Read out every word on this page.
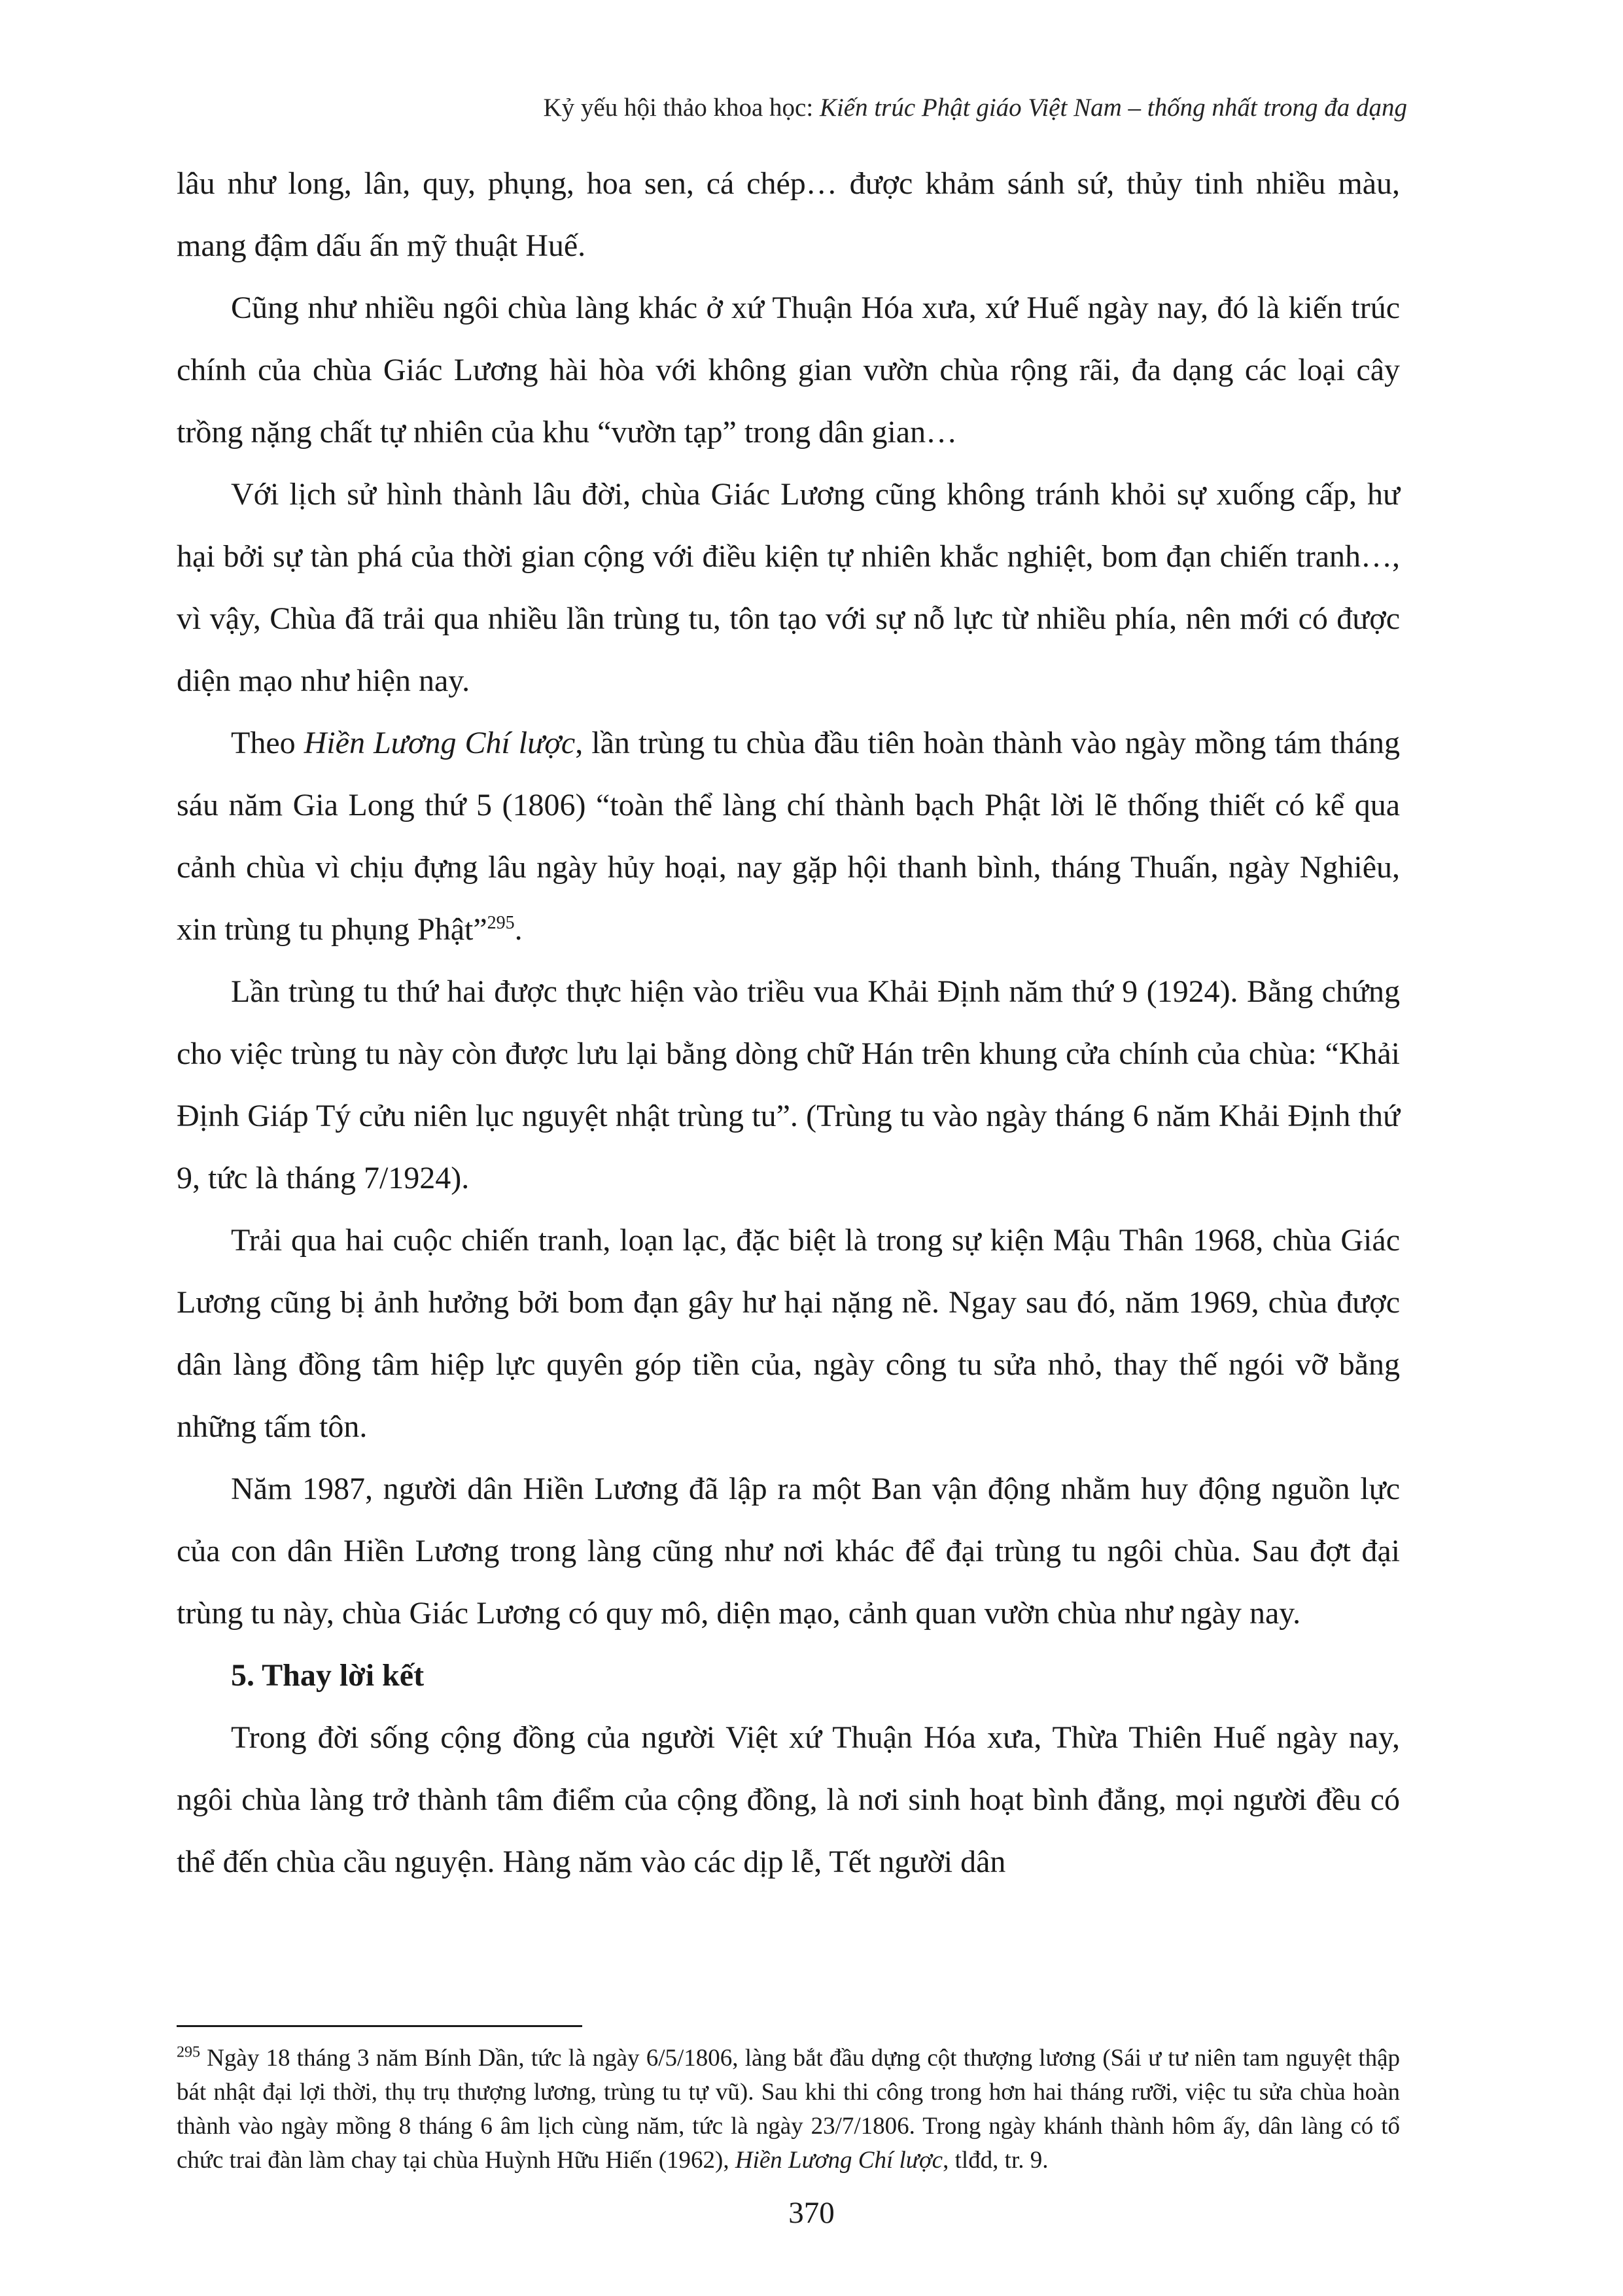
Kỷ yếu hội thảo khoa học: Kiến trúc Phật giáo Việt Nam – thống nhất trong đa dạng

lâu như long, lân, quy, phụng, hoa sen, cá chép… được khảm sánh sứ, thủy tinh nhiều màu, mang đậm dấu ấn mỹ thuật Huế.

Cũng như nhiều ngôi chùa làng khác ở xứ Thuận Hóa xưa, xứ Huế ngày nay, đó là kiến trúc chính của chùa Giác Lương hài hòa với không gian vườn chùa rộng rãi, đa dạng các loại cây trồng nặng chất tự nhiên của khu “vườn tạp” trong dân gian…

Với lịch sử hình thành lâu đời, chùa Giác Lương cũng không tránh khỏi sự xuống cấp, hư hại bởi sự tàn phá của thời gian cộng với điều kiện tự nhiên khắc nghiệt, bom đạn chiến tranh…, vì vậy, Chùa đã trải qua nhiều lần trùng tu, tôn tạo với sự nỗ lực từ nhiều phía, nên mới có được diện mạo như hiện nay.

Theo Hiền Lương Chí lược, lần trùng tu chùa đầu tiên hoàn thành vào ngày mồng tám tháng sáu năm Gia Long thứ 5 (1806) “toàn thể làng chí thành bạch Phật lời lẽ thống thiết có kể qua cảnh chùa vì chịu đựng lâu ngày hủy hoại, nay gặp hội thanh bình, tháng Thuấn, ngày Nghiêu, xin trùng tu phụng Phật”$^{295}$.

Lần trùng tu thứ hai được thực hiện vào triều vua Khải Định năm thứ 9 (1924). Bằng chứng cho việc trùng tu này còn được lưu lại bằng dòng chữ Hán trên khung cửa chính của chùa: “Khải Định Giáp Tý cửu niên lục nguyệt nhật trùng tu”. (Trùng tu vào ngày tháng 6 năm Khải Định thứ 9, tức là tháng 7/1924).

Trải qua hai cuộc chiến tranh, loạn lạc, đặc biệt là trong sự kiện Mậu Thân 1968, chùa Giác Lương cũng bị ảnh hưởng bởi bom đạn gây hư hại nặng nề. Ngay sau đó, năm 1969, chùa được dân làng đồng tâm hiệp lực quyên góp tiền của, ngày công tu sửa nhỏ, thay thế ngói vỡ bằng những tấm tôn.

Năm 1987, người dân Hiền Lương đã lập ra một Ban vận động nhằm huy động nguồn lực của con dân Hiền Lương trong làng cũng như nơi khác để đại trùng tu ngôi chùa. Sau đợt đại trùng tu này, chùa Giác Lương có quy mô, diện mạo, cảnh quan vườn chùa như ngày nay.

5. Thay lời kết

Trong đời sống cộng đồng của người Việt xứ Thuận Hóa xưa, Thừa Thiên Huế ngày nay, ngôi chùa làng trở thành tâm điểm của cộng đồng, là nơi sinh hoạt bình đẳng, mọi người đều có thể đến chùa cầu nguyện. Hàng năm vào các dịp lễ, Tết người dân

$^{295}$ Ngày 18 tháng 3 năm Bính Dần, tức là ngày 6/5/1806, làng bắt đầu dựng cột thượng lương (Sái ư tư niên tam nguyệt thập bát nhật đại lợi thời, thụ trụ thượng lương, trùng tu tự vũ). Sau khi thi công trong hơn hai tháng rưỡi, việc tu sửa chùa hoàn thành vào ngày mồng 8 tháng 6 âm lịch cùng năm, tức là ngày 23/7/1806. Trong ngày khánh thành hôm ấy, dân làng có tổ chức trai đàn làm chay tại chùa Huỳnh Hữu Hiến (1962), Hiền Lương Chí lược, tlđd, tr. 9.
370
